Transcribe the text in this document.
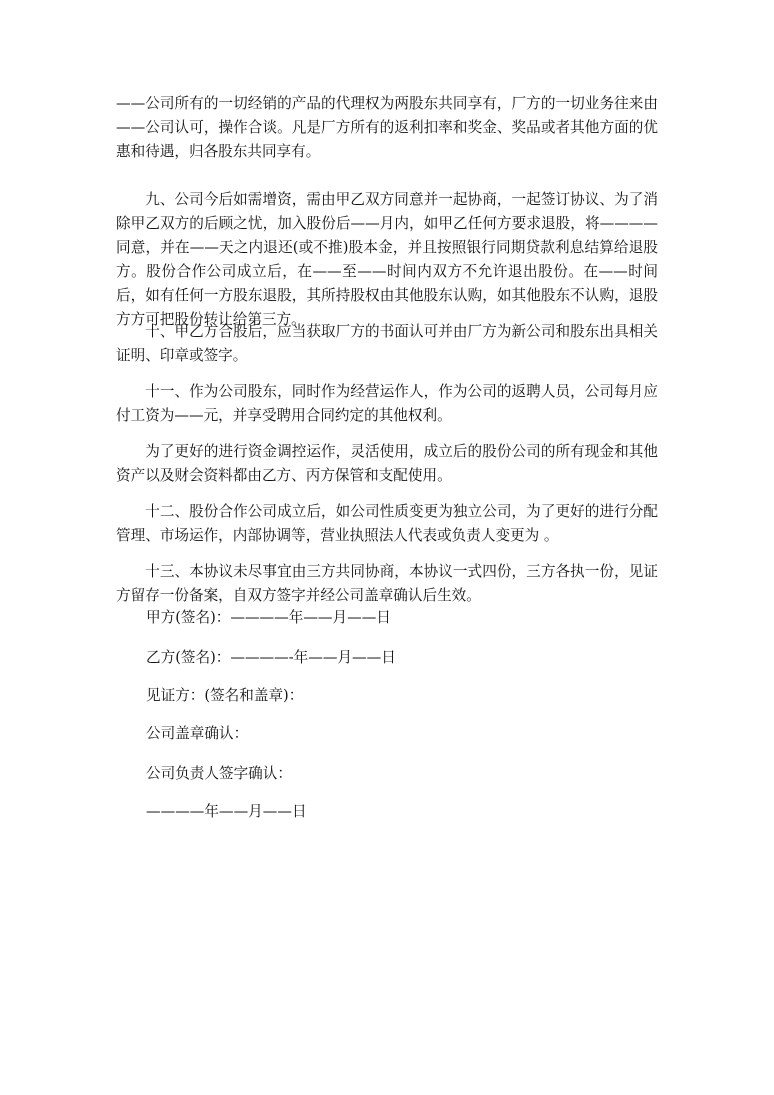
——公司所有的一切经销的产品的代理权为两股东共同享有，厂方的一切业务往来由——公司认可，操作合谈。凡是厂方所有的返利扣率和奖金、奖品或者其他方面的优惠和待遇，归各股东共同享有。

九、公司今后如需增资，需由甲乙双方同意并一起协商，一起签订协议、为了消除甲乙双方的后顾之忧，加入股份后——月内，如甲乙任何方要求退股，将————同意，并在——天之内退还(或不推)股本金，并且按照银行同期贷款利息结算给退股方。股份合作公司成立后，在——至——时间内双方不允许退出股份。在——时间后，如有任何一方股东退股，其所持股权由其他股东认购，如其他股东不认购，退股方方可把股份转让给第三方。

十、甲乙方合股后，应当获取厂方的书面认可并由厂方为新公司和股东出具相关证明、印章或签字。

十一、作为公司股东，同时作为经营运作人，作为公司的返聘人员，公司每月应付工资为——元，并享受聘用合同约定的其他权利。

为了更好的进行资金调控运作，灵活使用，成立后的股份公司的所有现金和其他资产以及财会资料都由乙方、丙方保管和支配使用。

十二、股份合作公司成立后，如公司性质变更为独立公司，为了更好的进行分配管理、市场运作，内部协调等，营业执照法人代表或负责人变更为 。

十三、本协议未尽事宜由三方共同协商，本协议一式四份，三方各执一份，见证方留存一份备案，自双方签字并经公司盖章确认后生效。

甲方(签名)：————年——月——日
乙方(签名)：————-年——月——日
见证方：(签名和盖章)：
公司盖章确认：
公司负责人签字确认：
————年——月——日
